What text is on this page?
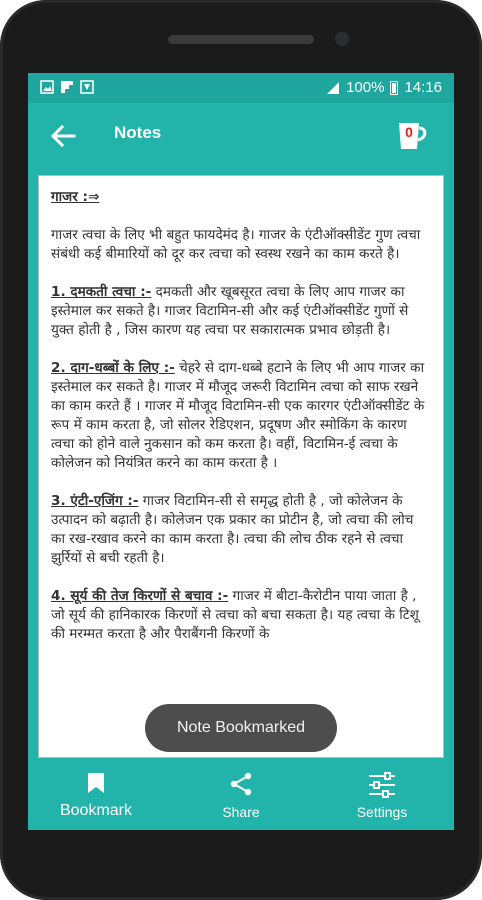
100% 14:16
Notes	0

गाजर :⇒

गाजर त्वचा के लिए भी बहुत फायदेमंद है। गाजर के एंटीऑक्सीडेंट गुण त्वचा संबंधी कई बीमारियों को दूर कर त्वचा को स्वस्थ रखने का काम करते है।

1. दमकती त्वचा :- दमकती और खूबसूरत त्वचा के लिए आप गाजर का इस्तेमाल कर सकते है। गाजर विटामिन-सी और कई एंटीऑक्सीडेंट गुणों से युक्त होती है , जिस कारण यह त्वचा पर सकारात्मक प्रभाव छोड़ती है।

2. दाग-धब्बों के लिए :- चेहरे से दाग-धब्बे हटाने के लिए भी आप गाजर का इस्तेमाल कर सकते है। गाजर में मौजूद जरूरी विटामिन त्वचा को साफ रखने का काम करते हैं । गाजर में मौजूद विटामिन-सी एक कारगर एंटीऑक्सीडेंट के रूप में काम करता है, जो सोलर रेडिएशन, प्रदूषण और स्मोकिंग के कारण त्वचा को होने वाले नुकसान को कम करता है। वहीं, विटामिन-ई त्वचा के कोलेजन को नियंत्रित करने का काम करता है ।

3. एंटी-एजिंग :- गाजर विटामिन-सी से समृद्ध होती है , जो कोलेजन के उत्पादन को बढ़ाती है। कोलेजन एक प्रकार का प्रोटीन है, जो त्वचा की लोच का रख-रखाव करने का काम करता है। त्वचा की लोच ठीक रहने से त्वचा झुर्रियों से बची रहती है।

4. सूर्य की तेज किरणों से बचाव :- गाजर में बीटा-कैरोटीन पाया जाता है , जो सूर्य की हानिकारक किरणों से त्वचा को बचा सकता है। यह त्वचा के टिशू की मरम्मत करता है और पैराबैंगनी किरणों के

Note Bookmarked
Bookmark	Share	Settings
